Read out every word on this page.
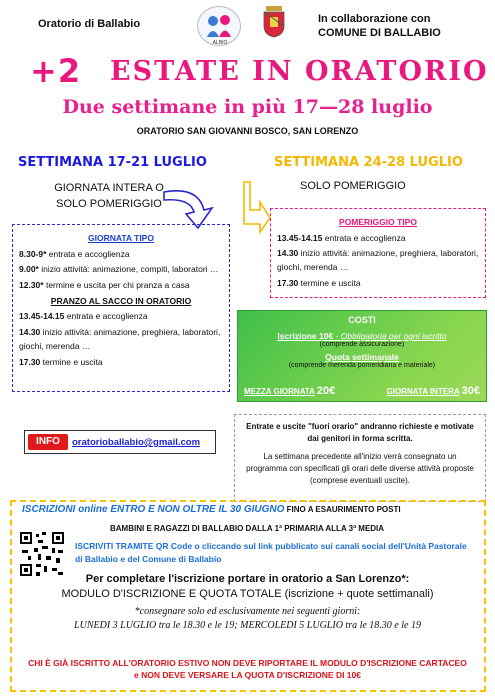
Oratorio di Ballabio
ALBIO
In collaborazione con
COMUNE DI BALLABIO
+2 ESTATE IN ORATORIO
Due settimane in più 17—28 luglio
ORATORIO SAN GIOVANNI BOSCO, SAN LORENZO
SETTIMANA 17-21 LUGLIO
GIORNATA INTERA O
SOLO POMERIGGIO
GIORNATA TIPO
8.30-9* entrata e accoglienza
9.00* inizio attività: animazione, compiti, laboratori …
12.30* termine e uscita per chi pranza a casa
PRANZO AL SACCO IN ORATORIO
13.45-14.15 entrata e accoglienza
14.30 inizio attività: animazione, preghiera, laboratori, giochi, merenda …
17.30 termine e uscita
SETTIMANA 24-28 LUGLIO
SOLO POMERIGGIO
POMERIGGIO TIPO
13.45-14.15 entrata e accoglienza
14.30 inizio attività: animazione, preghiera, laboratori, giochi, merenda …
17.30 termine e uscita
COSTI
Iscrizione 10€ - Obbligatoria per ogni iscritto
(comprende assicurazione)
Quota settimanale
(comprende merenda pomeridiana e materiale)
MEZZA GIORNATA 20€	GIORNATA INTERA 30€
INFO	oratorioballabio@gmail.com

Entrate e uscite "fuori orario" andranno richieste e motivate dai genitori in forma scritta.

La settimana precedente all'inizio verrà consegnato un programma con specificati gli orari delle diverse attività proposte (comprese eventuali uscite).

ISCRIZIONI online ENTRO E NON OLTRE IL 30 GIUGNO FINO A ESAURIMENTO POSTI
BAMBINI E RAGAZZI DI BALLABIO DALLA 1ª PRIMARIA ALLA 3ª MEDIA
ISCRIVITI TRAMITE QR Code o cliccando sul link pubblicato sui canali social dell'Unità Pastorale di Ballabio e del Comune di Ballabio
Per completare l'iscrizione portare in oratorio a San Lorenzo*:
MODULO D'ISCRIZIONE E QUOTA TOTALE (iscrizione + quote settimanali)
*consegnare solo ed esclusivamente nei seguenti giorni:
LUNEDI 3 LUGLIO tra le 18.30 e le 19; MERCOLEDI 5 LUGLIO tra le 18.30 e le 19
CHI È GIÀ ISCRITTO ALL'ORATORIO ESTIVO NON DEVE RIPORTARE IL MODULO D'ISCRIZIONE CARTACEO
e NON DEVE VERSARE LA QUOTA D'ISCRIZIONE DI 10€
